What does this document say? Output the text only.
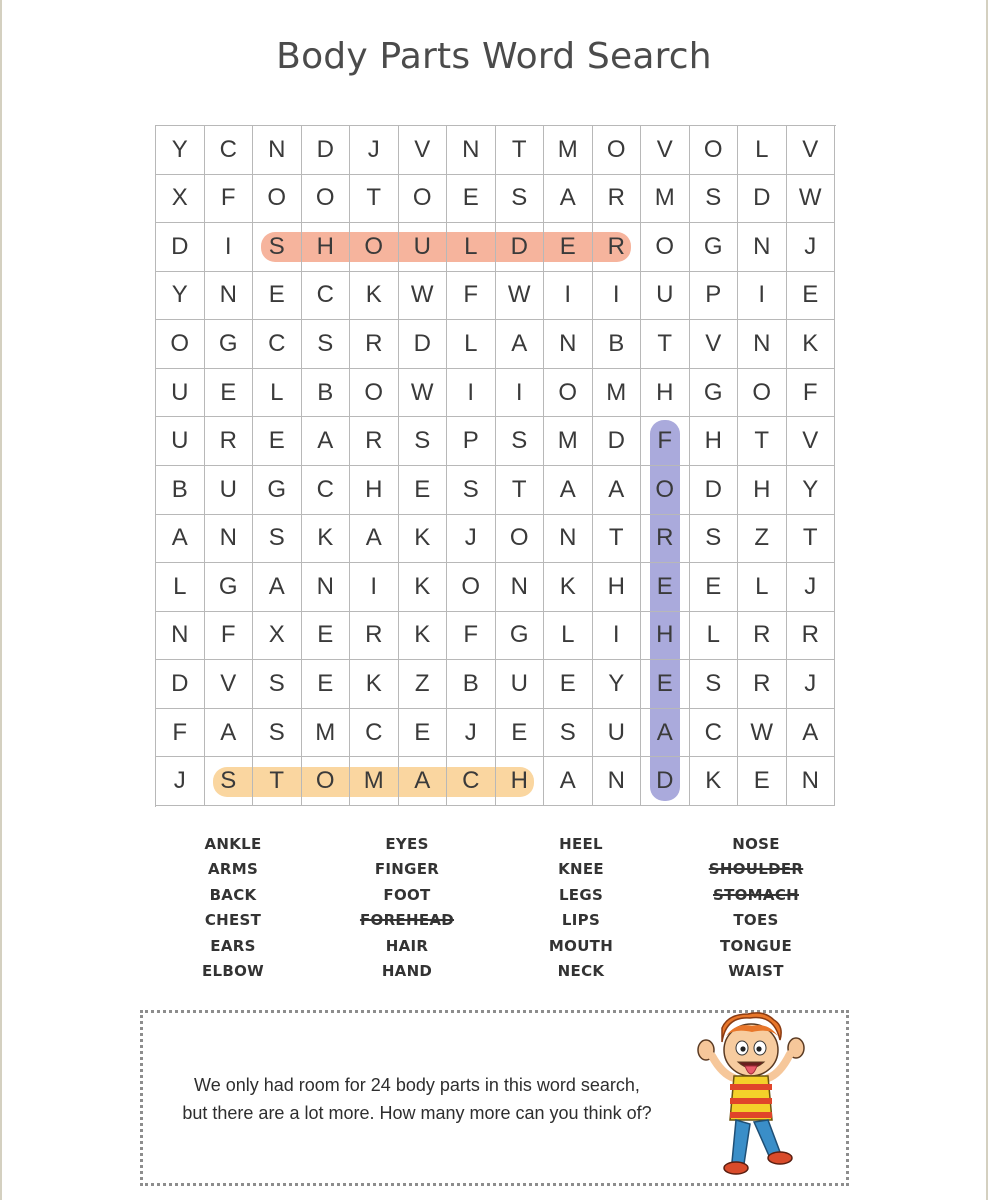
Body Parts Word Search
Y	C	N	D	J	V	N	T	M	O	V	O	L	V
X	F	O	O	T	O	E	S	A	R	M	S	D	W
D	I	S	H	O	U	L	D	E	R	O	G	N	J
Y	N	E	C	K	W	F	W	I	I	U	P	I	E
O	G	C	S	R	D	L	A	N	B	T	V	N	K
U	E	L	B	O	W	I	I	O	M	H	G	O	F
U	R	E	A	R	S	P	S	M	D	F	H	T	V
B	U	G	C	H	E	S	T	A	A	O	D	H	Y
A	N	S	K	A	K	J	O	N	T	R	S	Z	T
L	G	A	N	I	K	O	N	K	H	E	E	L	J
N	F	X	E	R	K	F	G	L	I	H	L	R	R
D	V	S	E	K	Z	B	U	E	Y	E	S	R	J
F	A	S	M	C	E	J	E	S	U	A	C	W	A
J	S	T	O	M	A	C	H	A	N	D	K	E	N
ANKLE
ARMS
BACK
CHEST
EARS
ELBOW
EYES
FINGER
FOOT
FOREHEAD
HAIR
HAND
HEEL
KNEE
LEGS
LIPS
MOUTH
NECK
NOSE
SHOULDER
STOMACH
TOES
TONGUE
WAIST
We only had room for 24 body parts in this word search,
but there are a lot more. How many more can you think of?
